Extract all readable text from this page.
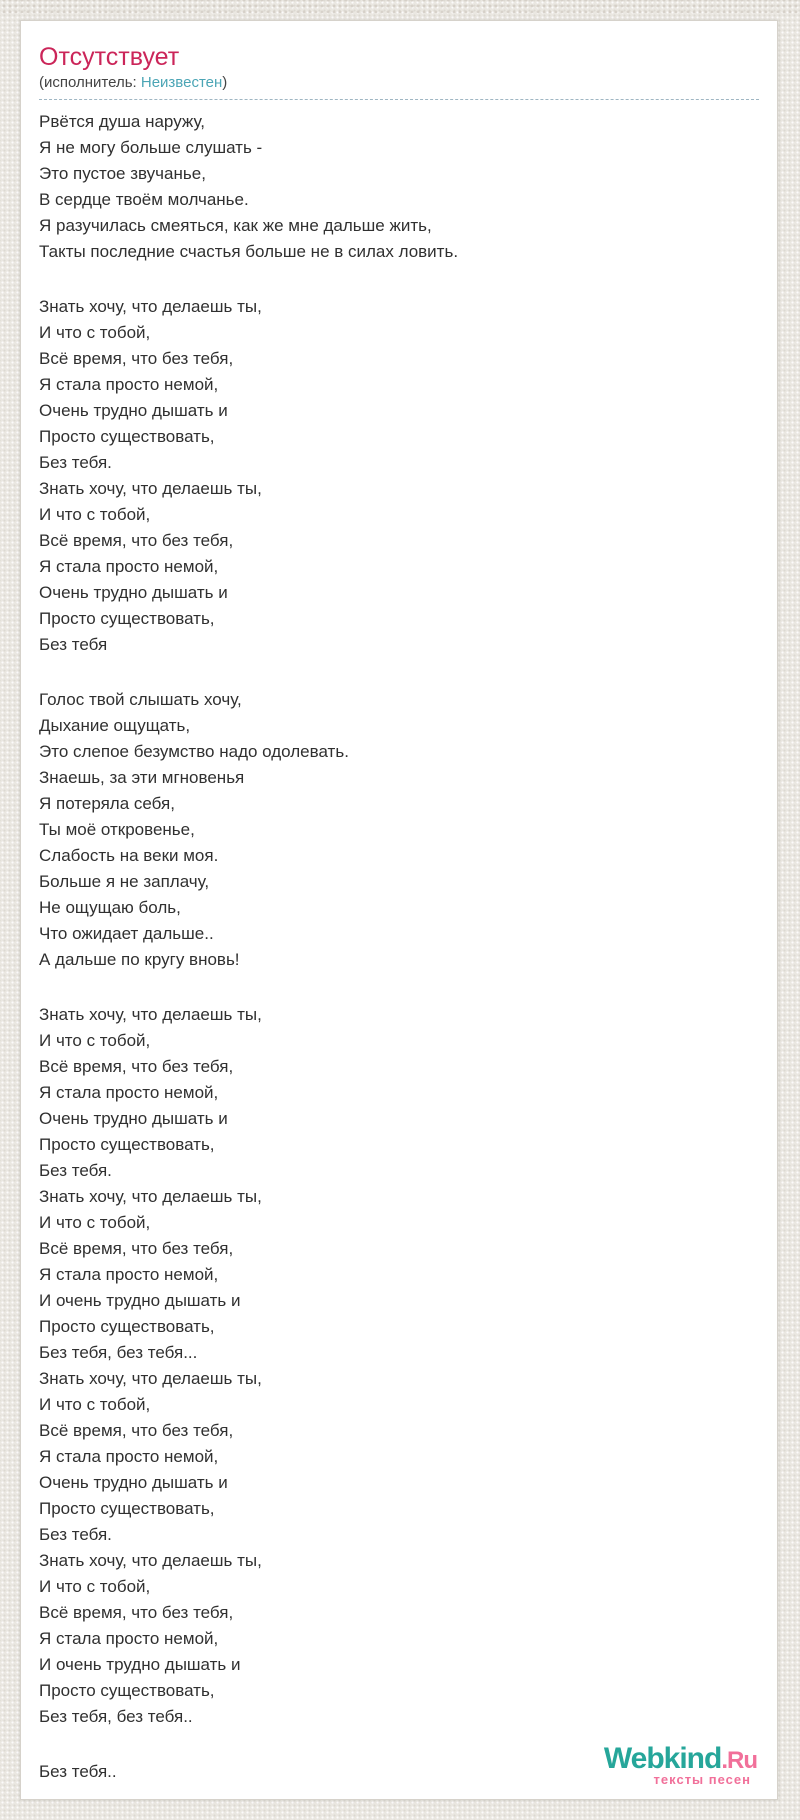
Отсутствует
(исполнитель: Неизвестен)

Рвётся душа наружу,
Я не могу больше слушать -
Это пустое звучанье,
В сердце твоём молчанье.
Я разучилась смеяться, как же мне дальше жить,
Такты последние счастья больше не в силах ловить.

Знать хочу, что делаешь ты,
И что с тобой,
Всё время, что без тебя,
Я стала просто немой,
Очень трудно дышать и
Просто существовать,
Без тебя.
Знать хочу, что делаешь ты,
И что с тобой,
Всё время, что без тебя,
Я стала просто немой,
Очень трудно дышать и
Просто существовать,
Без тебя

Голос твой слышать хочу,
Дыхание ощущать,
Это слепое безумство надо одолевать.
Знаешь, за эти мгновенья
Я потеряла себя,
Ты моё откровенье,
Слабость на веки моя.
Больше я не заплачу,
Не ощущаю боль,
Что ожидает дальше..
А дальше по кругу вновь!

Знать хочу, что делаешь ты,
И что с тобой,
Всё время, что без тебя,
Я стала просто немой,
Очень трудно дышать и
Просто существовать,
Без тебя.
Знать хочу, что делаешь ты,
И что с тобой,
Всё время, что без тебя,
Я стала просто немой,
И очень трудно дышать и
Просто существовать,
Без тебя, без тебя...
Знать хочу, что делаешь ты,
И что с тобой,
Всё время, что без тебя,
Я стала просто немой,
Очень трудно дышать и
Просто существовать,
Без тебя.
Знать хочу, что делаешь ты,
И что с тобой,
Всё время, что без тебя,
Я стала просто немой,
И очень трудно дышать и
Просто существовать,
Без тебя, без тебя..

Без тебя..	Webkind.Ru
тексты песен
